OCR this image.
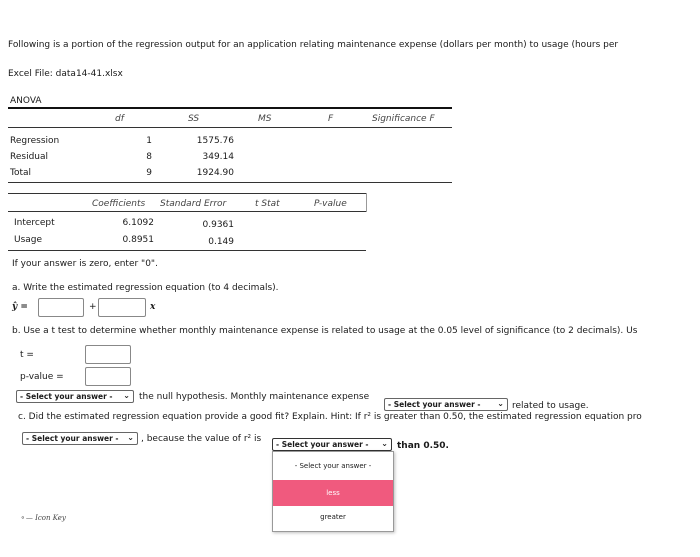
Following is a portion of the regression output for an application relating maintenance expense (dollars per month) to usage (hours per
Excel File: data14-41.xlsx
ANOVA
df	SS	MS	F	Significance F
Regression	1	1575.76
Residual	8	349.14
Total	9	1924.90
Coefficients Standard Error	t Stat	P-value
Intercept	6.1092	0.9361
Usage	0.8951	0.149
If your answer is zero, enter "0".
a. Write the estimated regression equation (to 4 decimals).
ŷ =	+	x
b. Use a t test to determine whether monthly maintenance expense is related to usage at the 0.05 level of significance (to 2 decimals). Us
t =
p-value =
- Select your answer - ⌄ the null hypothesis. Monthly maintenance expense
- Select your answer - ⌄ related to usage.
c. Did the estimated regression equation provide a good fit? Explain. Hint: If r² is greater than 0.50, the estimated regression equation pro
- Select your answer - ⌄ , because the value of r² is
- Select your answer - ⌄ than 0.50.
- Select your answer -
less
greater
⚬— Icon Key
